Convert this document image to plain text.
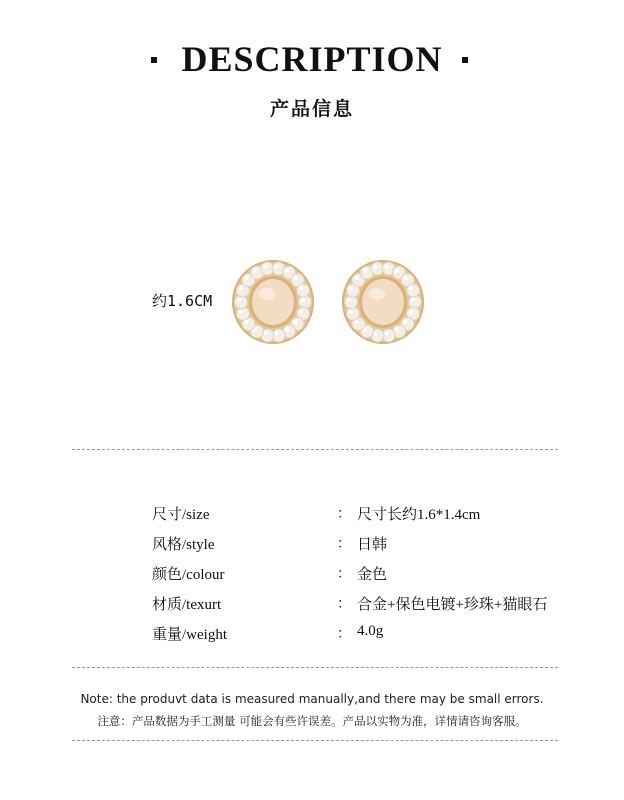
DESCRIPTION
产品信息
约1.6CM
尺寸/size	： 尺寸长约1.6*1.4cm
风格/style	： 日韩
颜色/colour	： 金色
材质/texurt	： 合金+保色电镀+珍珠+猫眼石
重量/weight	： 4.0g
Note: the produvt data is measured manually,and there may be small errors.
注意：产品数据为手工测量 可能会有些许误差。产品以实物为准，详情请咨询客服。
